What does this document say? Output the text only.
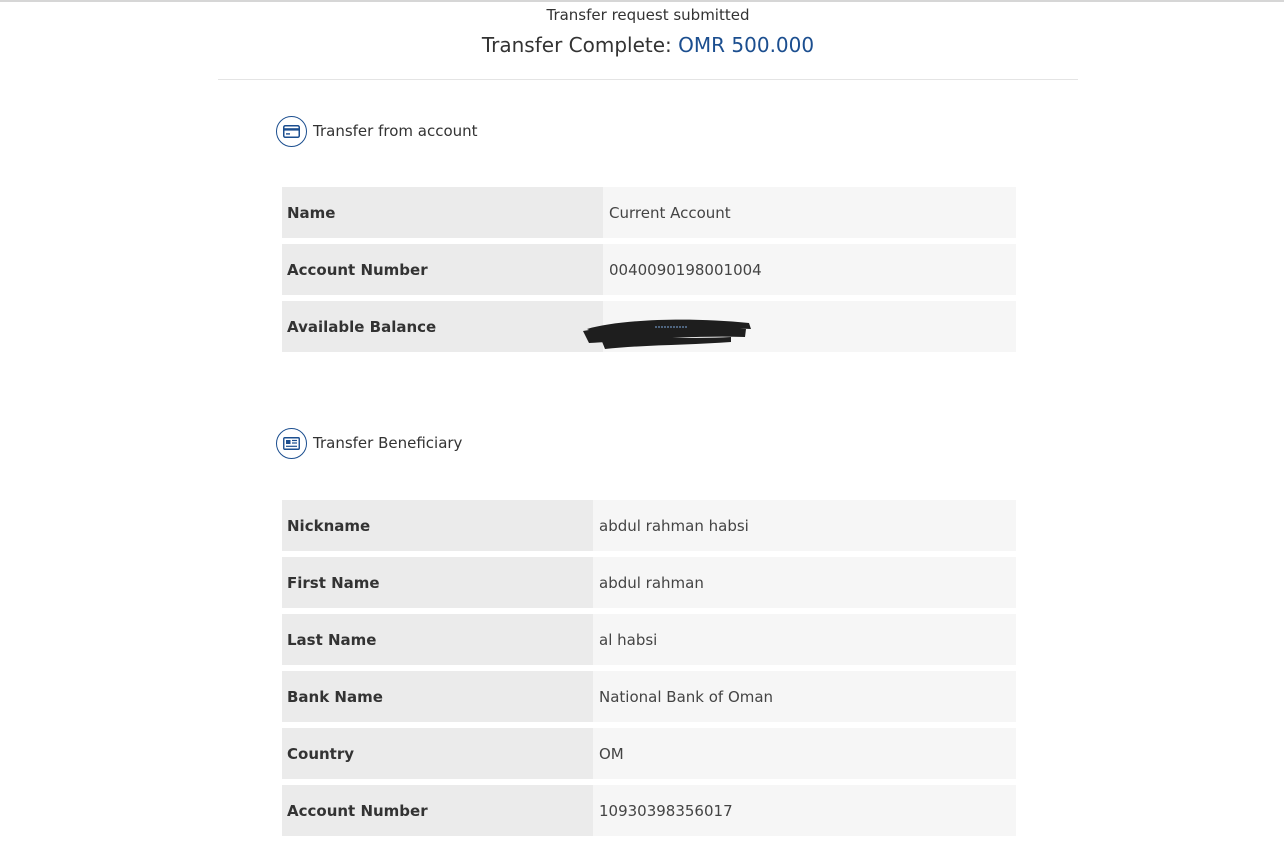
Transfer request submitted
Transfer Complete: OMR 500.000
Transfer from account
Name	Current Account
Account Number	0040090198001004
Available Balance
Transfer Beneficiary
Nickname	abdul rahman habsi
First Name	abdul rahman
Last Name	al habsi
Bank Name	National Bank of Oman
Country	OM
Account Number	10930398356017
